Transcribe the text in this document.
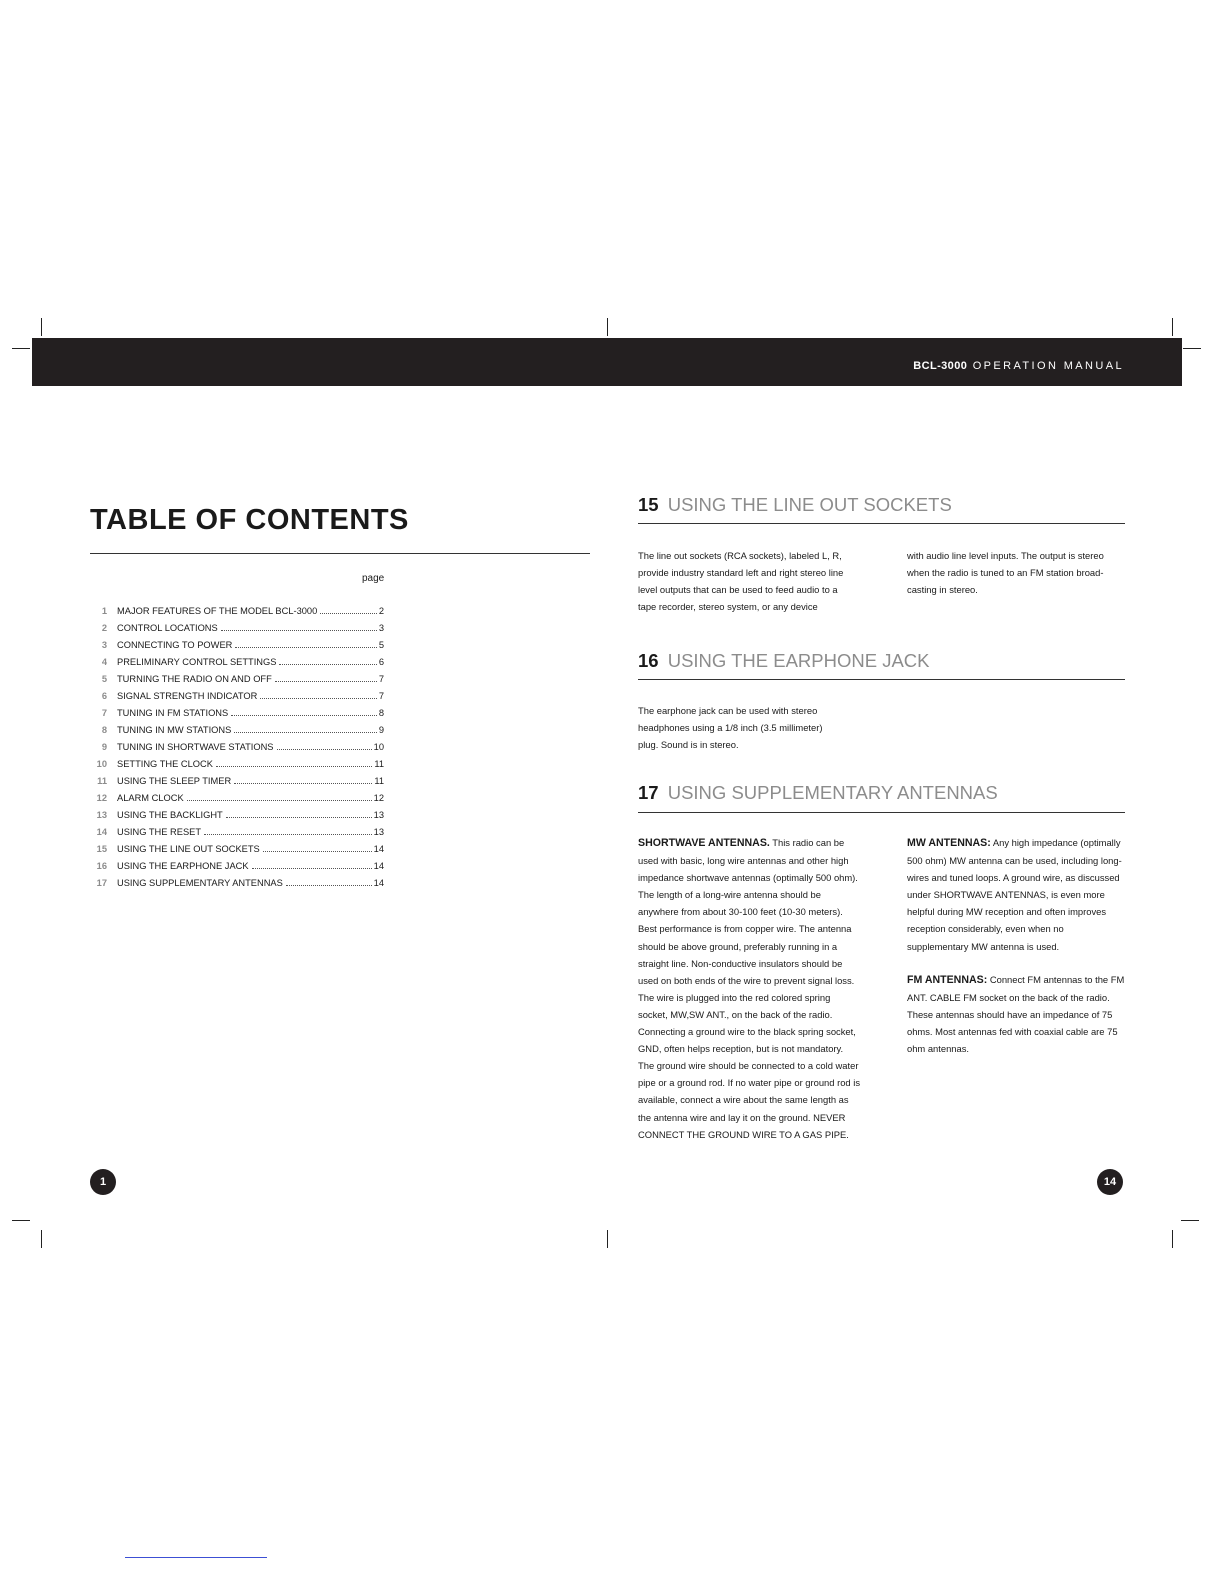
BCL-3000 OPERATION MANUAL
TABLE OF CONTENTS
page
1 MAJOR FEATURES OF THE MODEL BCL-3000	2
2 CONTROL LOCATIONS	3
3 CONNECTING TO POWER	5
4 PRELIMINARY CONTROL SETTINGS	6
5 TURNING THE RADIO ON AND OFF	7
6 SIGNAL STRENGTH INDICATOR	7
7 TUNING IN FM STATIONS	8
8 TUNING IN MW STATIONS	9
9 TUNING IN SHORTWAVE STATIONS	10
10 SETTING THE CLOCK	11
11 USING THE SLEEP TIMER	11
12 ALARM CLOCK	12
13 USING THE BACKLIGHT	13
14 USING THE RESET	13
15 USING THE LINE OUT SOCKETS	14
16 USING THE EARPHONE JACK	14
17 USING SUPPLEMENTARY ANTENNAS	14
1
15 USING THE LINE OUT SOCKETS

The line out sockets (RCA sockets), labeled L, R, provide industry standard left and right stereo line level outputs that can be used to feed audio to a tape recorder, stereo system, or any device

with audio line level inputs. The output is stereo when the radio is tuned to an FM station broad-casting in stereo.

16 USING THE EARPHONE JACK

The earphone jack can be used with stereo headphones using a 1/8 inch (3.5 millimeter) plug. Sound is in stereo.

17 USING SUPPLEMENTARY ANTENNAS

SHORTWAVE ANTENNAS. This radio can be used with basic, long wire antennas and other high impedance shortwave antennas (optimally 500 ohm). The length of a long-wire antenna should be anywhere from about 30-100 feet (10-30 meters). Best performance is from copper wire. The antenna should be above ground, preferably running in a straight line. Non-conductive insulators should be used on both ends of the wire to prevent signal loss. The wire is plugged into the red colored spring socket, MW,SW ANT., on the back of the radio. Connecting a ground wire to the black spring socket, GND, often helps reception, but is not mandatory. The ground wire should be connected to a cold water pipe or a ground rod. If no water pipe or ground rod is available, connect a wire about the same length as the antenna wire and lay it on the ground. NEVER CONNECT THE GROUND WIRE TO A GAS PIPE.

MW ANTENNAS: Any high impedance (optimally 500 ohm) MW antenna can be used, including long-wires and tuned loops. A ground wire, as discussed under SHORTWAVE ANTENNAS, is even more helpful during MW reception and often improves reception considerably, even when no supplementary MW antenna is used.

FM ANTENNAS: Connect FM antennas to the FM ANT. CABLE FM socket on the back of the radio. These antennas should have an impedance of 75 ohms. Most antennas fed with coaxial cable are 75 ohm antennas.

14
